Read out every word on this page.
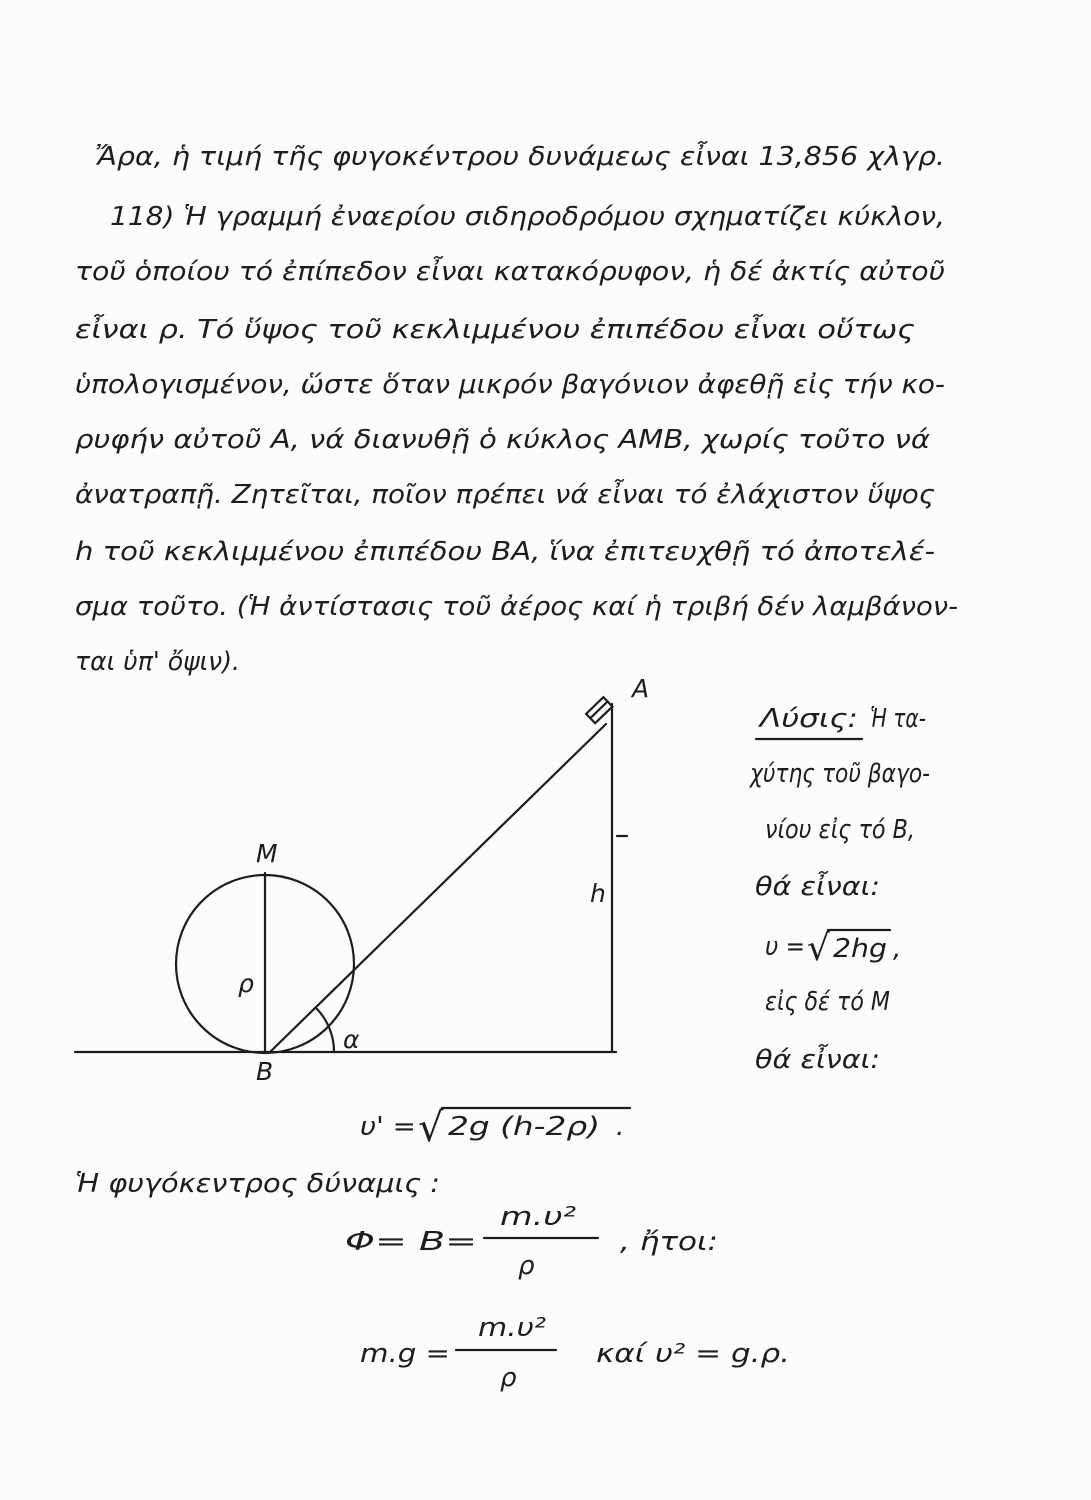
Ἄρα, ἡ τιμή τῆς φυγοκέντρου δυνάμεως εἶναι 13,856 χλγρ.
118) Ἡ γραμμή ἐναερίου σιδηροδρόμου σχηματίζει κύκλον,
τοῦ ὁποίου τό ἐπίπεδον εἶναι κατακόρυφον, ἡ δέ ἀκτίς αὐτοῦ
εἶναι ρ. Τό ὕψος τοῦ κεκλιμμένου ἐπιπέδου εἶναι οὕτως
ὑπολογισμένον, ὥστε ὅταν μικρόν βαγόνιον ἀφεθῇ εἰς τήν κο-
ρυφήν αὐτοῦ Α, νά διανυθῇ ὁ κύκλος ΑΜΒ, χωρίς τοῦτο νά
ἀνατραπῇ. Ζητεῖται, ποῖον πρέπει νά εἶναι τό ἐλάχιστον ὕψος
h τοῦ κεκλιμμένου ἐπιπέδου ΒΑ, ἵνα ἐπιτευχθῇ τό ἀποτελέ-
σμα τοῦτο. (Ἡ ἀντίστασις τοῦ ἀέρος καί ἡ τριβή δέν λαμβάνον-
ται ὑπ' ὄψιν).
Λύσις: Ἡ τα-
χύτης τοῦ βαγο-
νίου εἰς τό Β,
θά εἶναι:
υ = √ 2hg ,
εἰς δέ τό Μ
θά εἶναι:
Μ
ρ
Β
α
h
Α
υ' = √ 2g (h-2ρ) .
Ἡ φυγόκεντρος δύναμις :
Φ= Β=
m.υ²
ρ
, ἤτοι:
m.g =
m.υ²
ρ
καί υ² = g.ρ.
